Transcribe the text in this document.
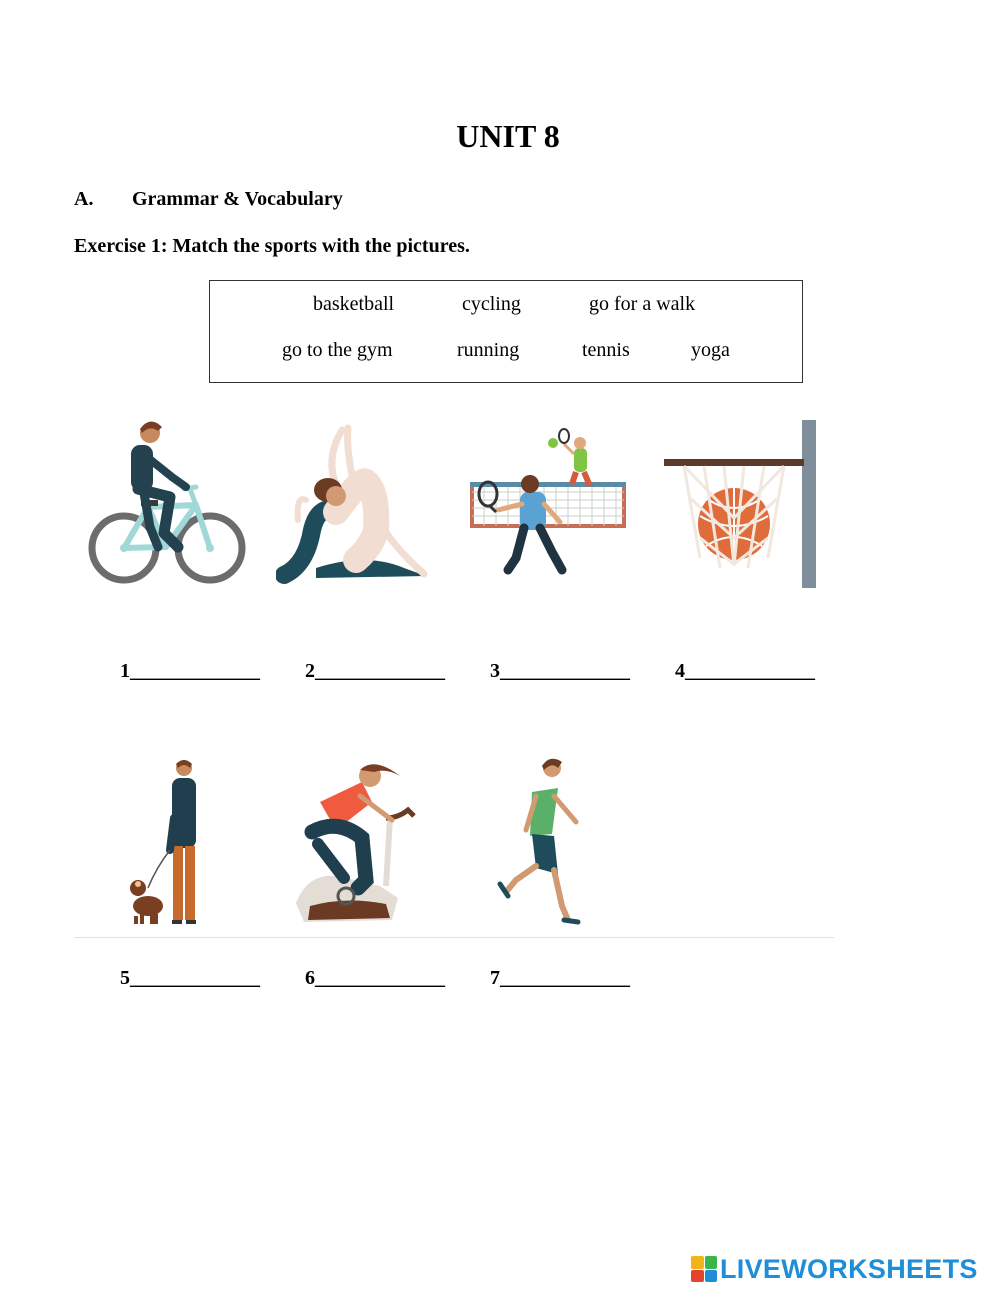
UNIT 8
A. Grammar & Vocabulary
Exercise 1: Match the sports with the pictures.
basketball	cycling	go for a walk
go to the gym	running	tennis	yoga
1_____________ 2_____________ 3_____________ 4_____________
5_____________ 6_____________ 7_____________
LIVEWORKSHEETS
